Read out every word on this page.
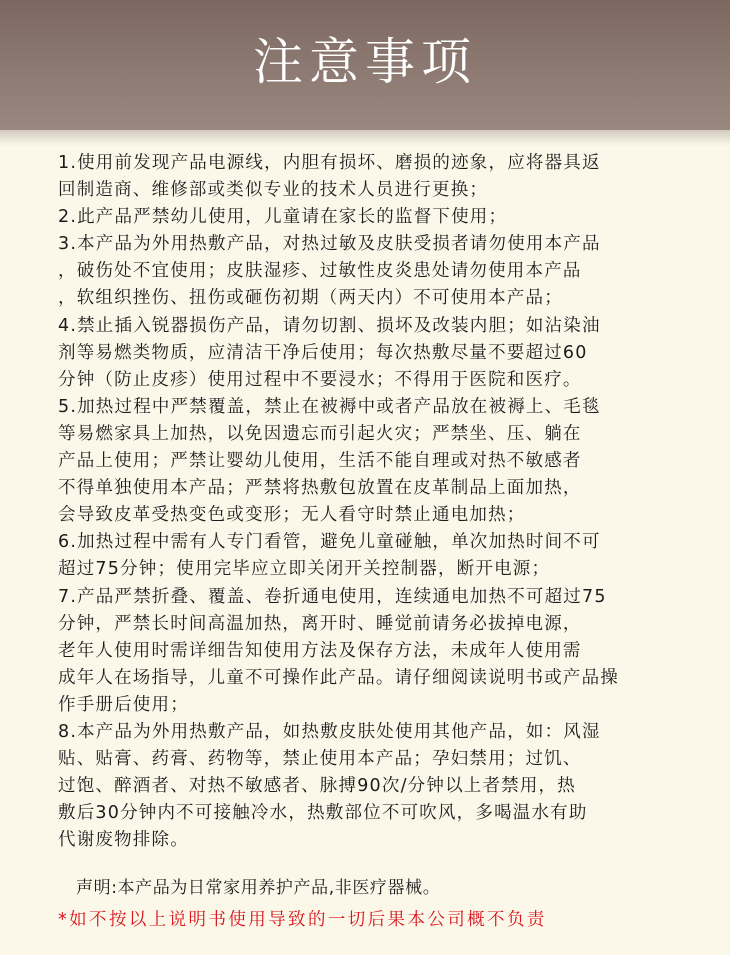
注意事项
1.使用前发现产品电源线，内胆有损坏、磨损的迹象，应将器具返
回制造商、维修部或类似专业的技术人员进行更换；
2.此产品严禁幼儿使用，儿童请在家长的监督下使用；
3.本产品为外用热敷产品，对热过敏及皮肤受损者请勿使用本产品
，破伤处不宜使用；皮肤湿疹、过敏性皮炎患处请勿使用本产品
，软组织挫伤、扭伤或砸伤初期（两天内）不可使用本产品；
4.禁止插入锐器损伤产品，请勿切割、损坏及改装内胆；如沾染油
剂等易燃类物质，应清洁干净后使用；每次热敷尽量不要超过60
分钟（防止皮疹）使用过程中不要浸水；不得用于医院和医疗。
5.加热过程中严禁覆盖，禁止在被褥中或者产品放在被褥上、毛毯
等易燃家具上加热，以免因遗忘而引起火灾；严禁坐、压、躺在
产品上使用；严禁让婴幼儿使用，生活不能自理或对热不敏感者
不得单独使用本产品；严禁将热敷包放置在皮革制品上面加热，
会导致皮革受热变色或变形；无人看守时禁止通电加热；
6.加热过程中需有人专门看管，避免儿童碰触，单次加热时间不可
超过75分钟；使用完毕应立即关闭开关控制器，断开电源；
7.产品严禁折叠、覆盖、卷折通电使用，连续通电加热不可超过75
分钟，严禁长时间高温加热，离开时、睡觉前请务必拔掉电源，
老年人使用时需详细告知使用方法及保存方法，未成年人使用需
成年人在场指导，儿童不可操作此产品。请仔细阅读说明书或产品操
作手册后使用；
8.本产品为外用热敷产品，如热敷皮肤处使用其他产品，如：风湿
贴、贴膏、药膏、药物等，禁止使用本产品；孕妇禁用；过饥、
过饱、醉酒者、对热不敏感者、脉搏90次/分钟以上者禁用，热
敷后30分钟内不可接触冷水，热敷部位不可吹风，多喝温水有助
代谢废物排除。
声明:本产品为日常家用养护产品,非医疗器械。
*如不按以上说明书使用导致的一切后果本公司概不负责
